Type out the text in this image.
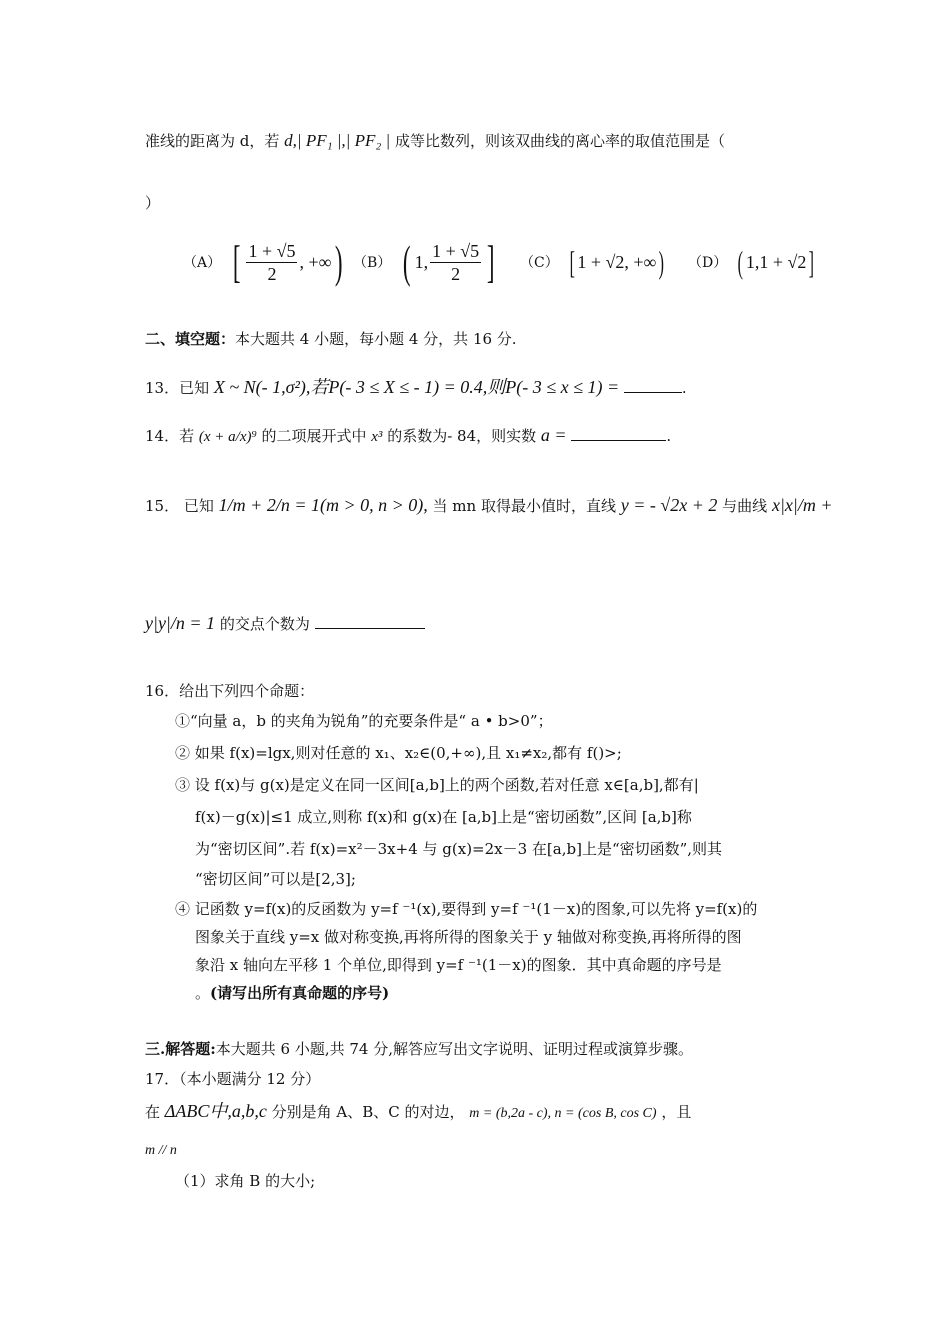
准线的距离为 d，若 d,| PF₁ |,| PF₂ | 成等比数列，则该双曲线的离心率的取值范围是（
）
（A） [ $\frac{1 + √5}{2}$ , +∞ ) （B） ( 1, $\frac{1 + √5}{2}$ ] （C） [ 1 + √2, +∞ ) （D） ( 1,1 + √2 ]
二、填空题：本大题共 4 小题，每小题 4 分，共 16 分.
13．已知 X ~ N(- 1,σ²),若P(- 3 ≤ X ≤ - 1) = 0.4,则P(- 3 ≤ x ≤ 1) =	.
14．若 (x + a/x)⁹ 的二项展开式中 x³ 的系数为- 84，则实数 a =	.
15． 已知 1/m + 2/n = 1(m > 0, n > 0), 当 mn 取得最小值时，直线 y = - √2x + 2 与曲线 x|x|/m +
y|y|/n = 1 的交点个数为
16．给出下列四个命题：
①“向量 a，b 的夹角为锐角”的充要条件是“ a • b>0”；
② 如果 f(x)=lgx,则对任意的 x₁、x₂∈(0,+∞),且 x₁≠x₂,都有 f()>;
③ 设 f(x)与 g(x)是定义在同一区间[a,b]上的两个函数,若对任意 x∈[a,b],都有|
f(x)－g(x)|≤1 成立,则称 f(x)和 g(x)在 [a,b]上是“密切函数”,区间 [a,b]称
为“密切区间”.若 f(x)=x²－3x+4 与 g(x)=2x－3 在[a,b]上是“密切函数”,则其
“密切区间”可以是[2,3];
④ 记函数 y=f(x)的反函数为 y=f ⁻¹(x),要得到 y=f ⁻¹(1－x)的图象,可以先将 y=f(x)的
图象关于直线 y=x 做对称变换,再将所得的图象关于 y 轴做对称变换,再将所得的图
象沿 x 轴向左平移 1 个单位,即得到 y=f ⁻¹(1－x)的图象．其中真命题的序号是
。(请写出所有真命题的序号)
三.解答题:本大题共 6 小题,共 74 分,解答应写出文字说明、证明过程或演算步骤。
17．（本小题满分 12 分）
在 ΔABC中,a,b,c 分别是角 A、B、C 的对边， m = (b,2a - c), n = (cos B, cos C) ，且
m // n
（1）求角 B 的大小;
